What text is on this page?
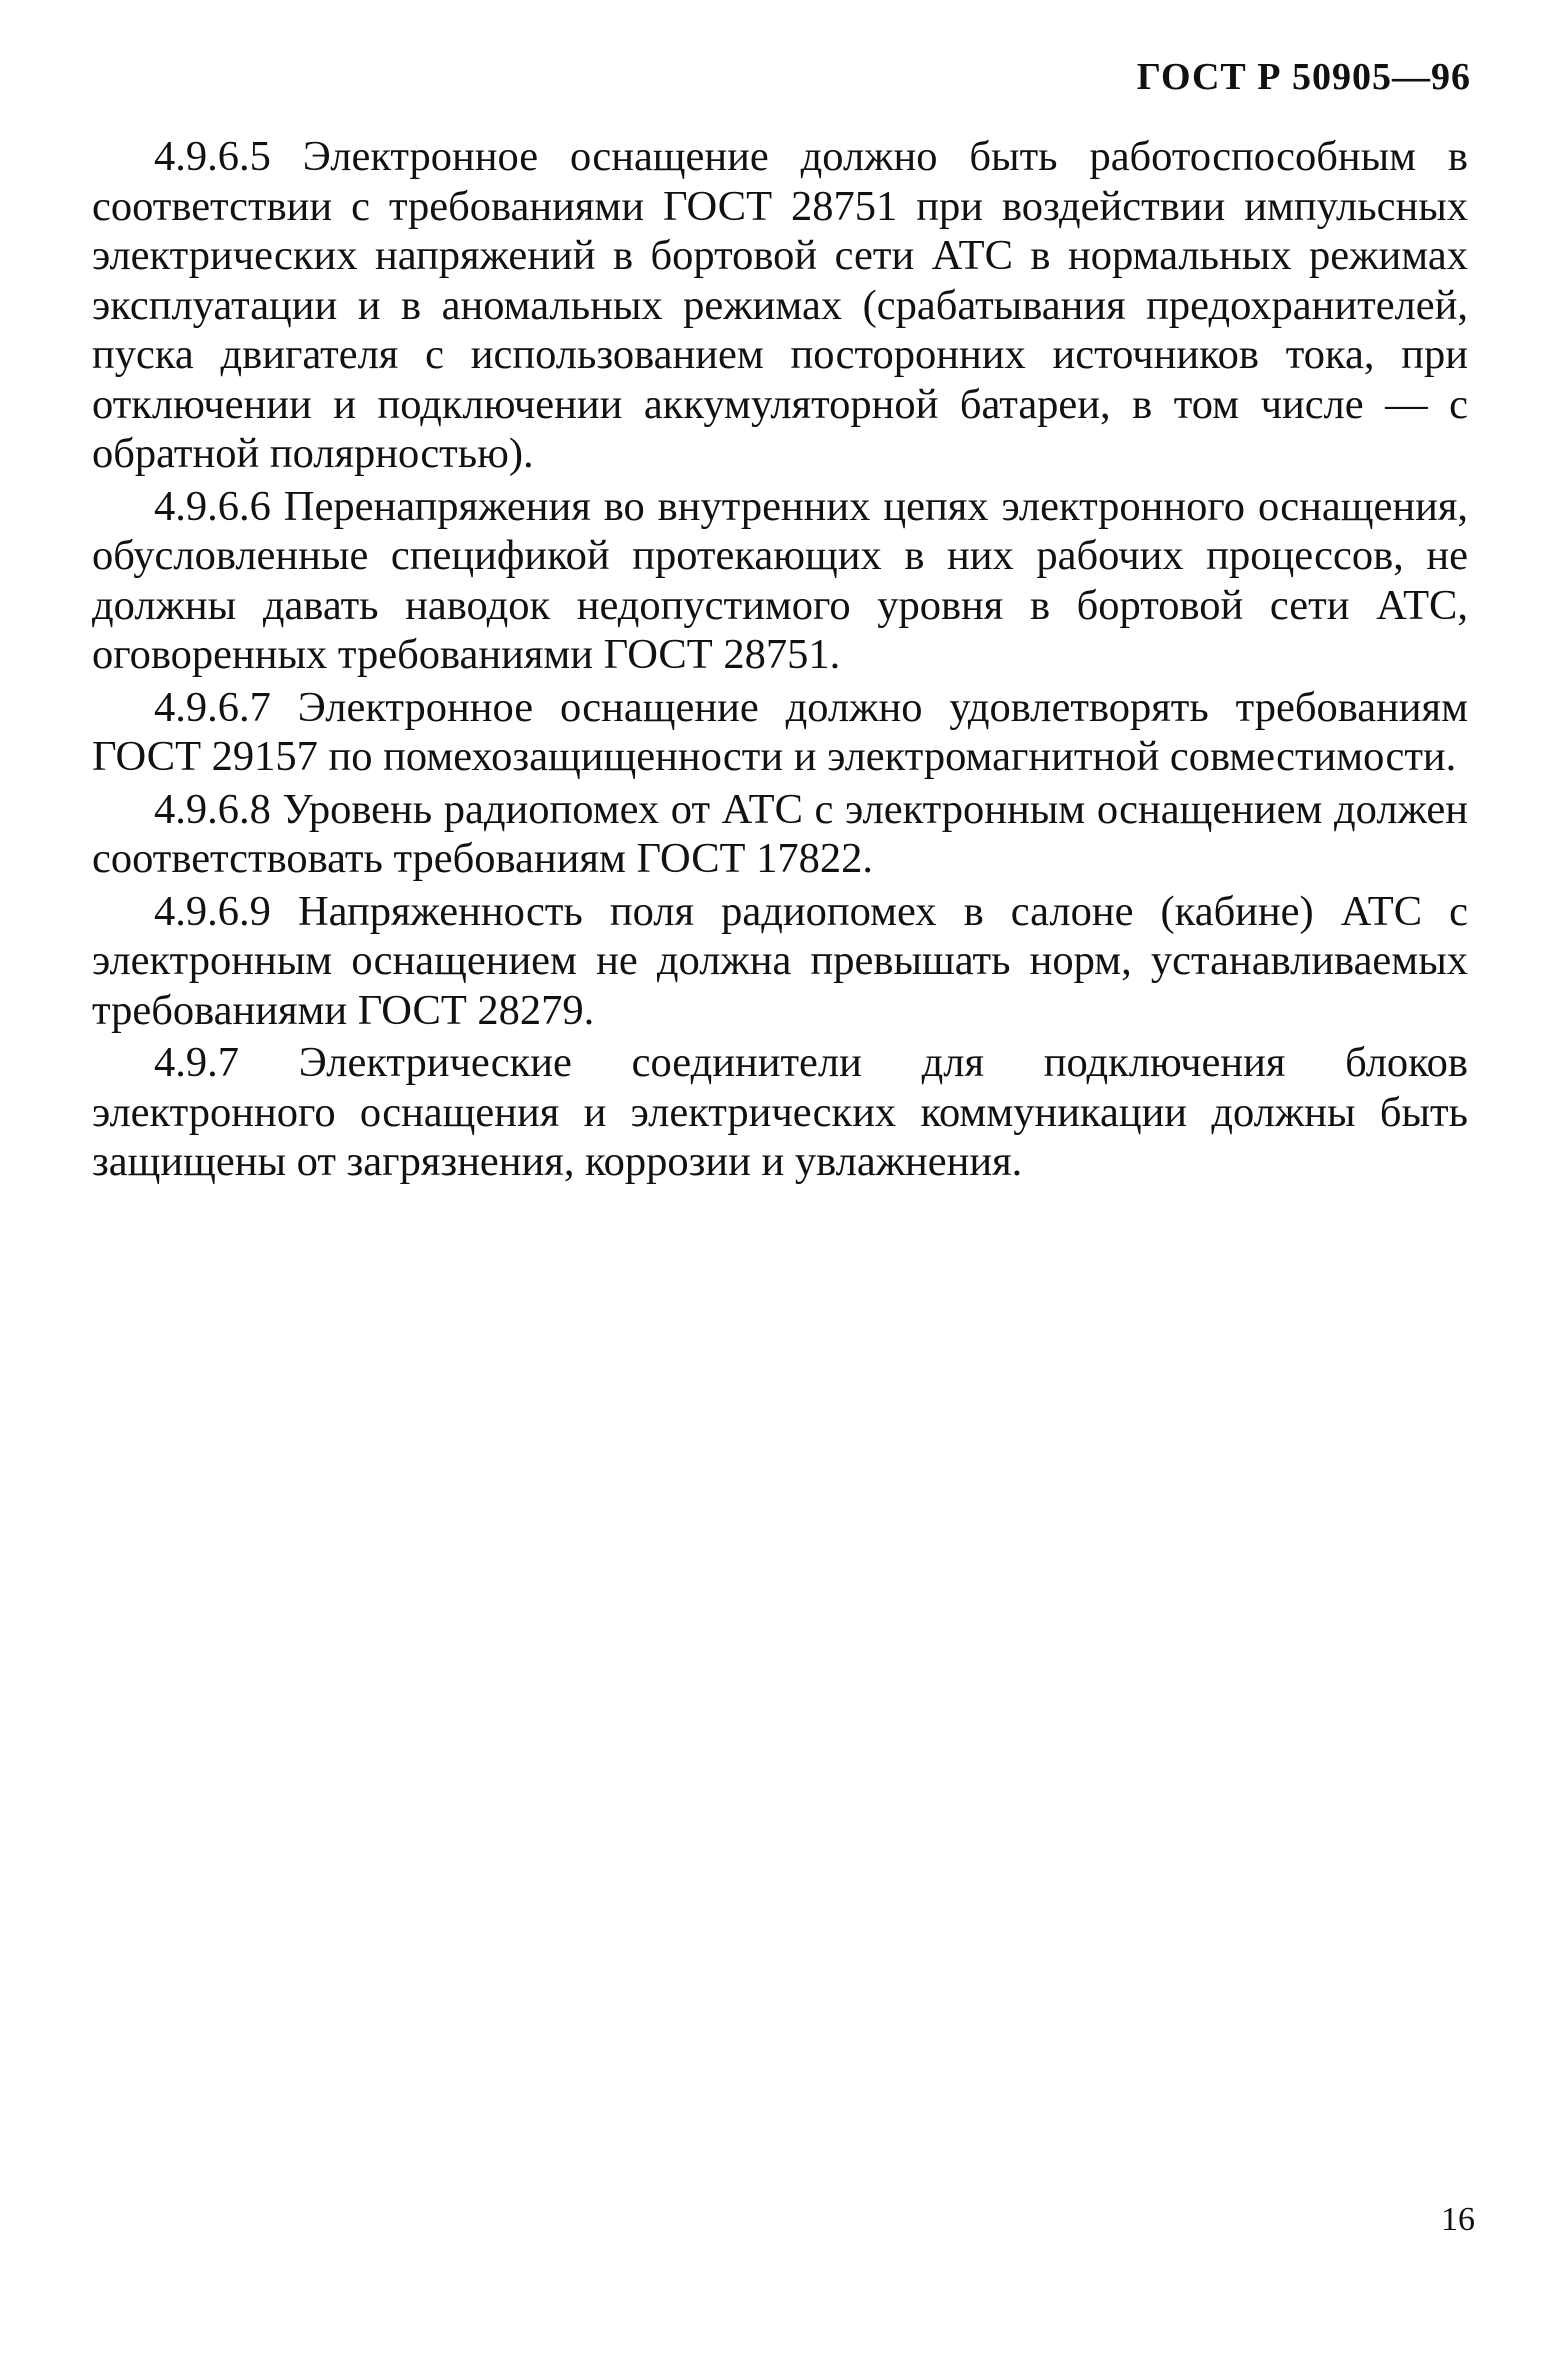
ГОСТ Р 50905—96

4.9.6.5 Электронное оснащение должно быть работоспособным в соответствии с требованиями ГОСТ 28751 при воздействии импульсных электрических напряжений в бортовой сети АТС в нормальных режимах эксплуатации и в аномальных режимах (срабатывания предохранителей, пуска двигателя с использованием посторонних источников тока, при отключении и подключении аккумуляторной батареи, в том числе — с обратной полярностью).

4.9.6.6 Перенапряжения во внутренних цепях электронного оснащения, обусловленные спецификой протекающих в них рабочих процессов, не должны давать наводок недопустимого уровня в бортовой сети АТС, оговоренных требованиями ГОСТ 28751.

4.9.6.7 Электронное оснащение должно удовлетворять требованиям ГОСТ 29157 по помехозащищенности и электромагнитной совместимости.

4.9.6.8 Уровень радиопомех от АТС с электронным оснащением должен соответствовать требованиям ГОСТ 17822.

4.9.6.9 Напряженность поля радиопомех в салоне (кабине) АТС с электронным оснащением не должна превышать норм, устанавливаемых требованиями ГОСТ 28279.

4.9.7 Электрические соединители для подключения блоков электронного оснащения и электрических коммуникации должны быть защищены от загрязнения, коррозии и увлажнения.

16
